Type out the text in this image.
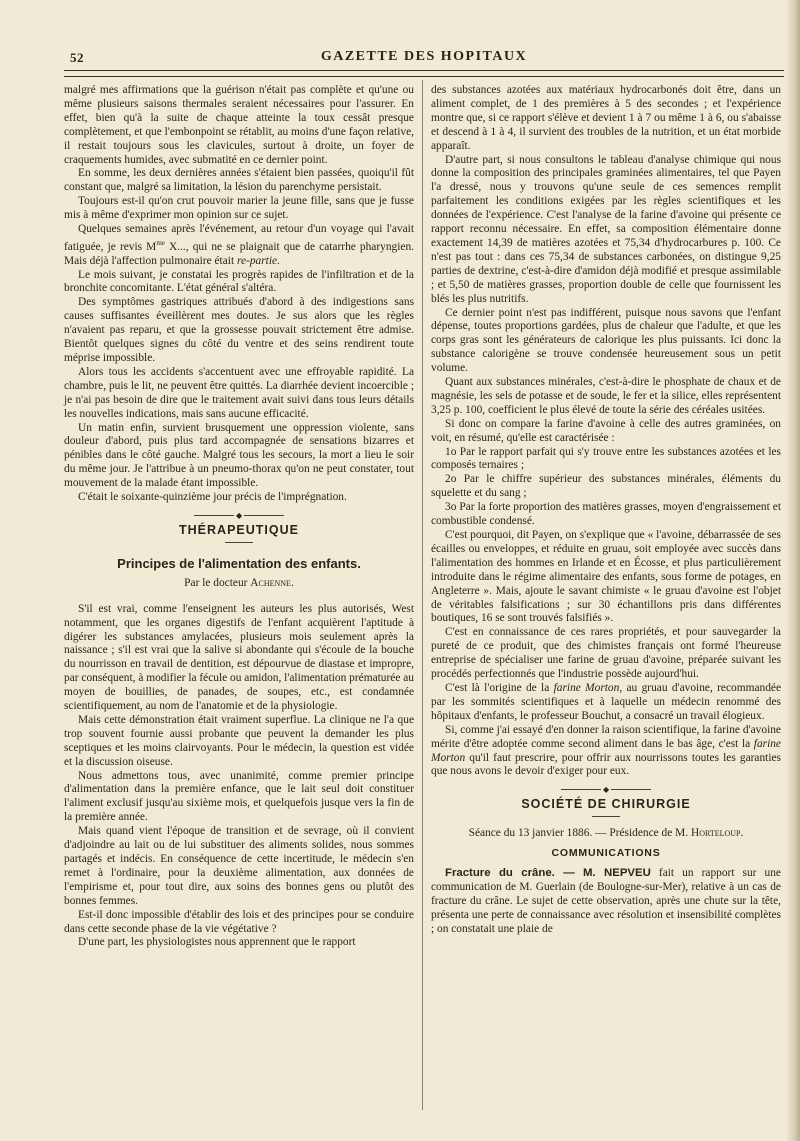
52	GAZETTE DES HOPITAUX

malgré mes affirmations que la guérison n'était pas complète et qu'une ou même plusieurs saisons thermales seraient nécessaires pour l'assurer. En effet, bien qu'à la suite de chaque atteinte la toux cessât presque complètement, et que l'embonpoint se rétablit, au moins d'une façon relative, il restait toujours sous les clavicules, surtout à droite, un foyer de craquements humides, avec submatité en ce dernier point.

En somme, les deux dernières années s'étaient bien passées, quoiqu'il fût constant que, malgré sa limitation, la lésion du parenchyme persistait.

Toujours est-il qu'on crut pouvoir marier la jeune fille, sans que je fusse mis à même d'exprimer mon opinion sur ce sujet.

Quelques semaines après l'événement, au retour d'un voyage qui l'avait fatiguée, je revis $M^{me}$ X..., qui ne se plaignait que de catarrhe pharyngien. Mais déjà l'affection pulmonaire était re-partie.

Le mois suivant, je constatai les progrès rapides de l'infiltration et de la bronchite concomitante. L'état général s'altéra.

Des symptômes gastriques attribués d'abord à des indigestions sans causes suffisantes éveillèrent mes doutes. Je sus alors que les règles n'avaient pas reparu, et que la grossesse pouvait strictement être admise. Bientôt quelques signes du côté du ventre et des seins rendirent toute méprise impossible.

Alors tous les accidents s'accentuent avec une effroyable rapidité. La chambre, puis le lit, ne peuvent être quittés. La diarrhée devient incoercible ; je n'ai pas besoin de dire que le traitement avait suivi dans tous leurs détails les nouvelles indications, mais sans aucune efficacité.

Un matin enfin, survient brusquement une oppression violente, sans douleur d'abord, puis plus tard accompagnée de sensations bizarres et pénibles dans le côté gauche. Malgré tous les secours, la mort a lieu le soir du même jour. Je l'attribue à un pneumo-thorax qu'on ne peut constater, tout mouvement de la malade étant impossible.

C'était le soixante-quinzième jour précis de l'imprégnation.

◆
THÉRAPEUTIQUE
Principes de l'alimentation des enfants.
Par le docteur Achenne.

S'il est vrai, comme l'enseignent les auteurs les plus autorisés, West notamment, que les organes digestifs de l'enfant acquièrent l'aptitude à digérer les substances amylacées, plusieurs mois seulement après la naissance ; s'il est vrai que la salive si abondante qui s'écoule de la bouche du nourrisson en travail de dentition, est dépourvue de diastase et impropre, par conséquent, à modifier la fécule ou amidon, l'alimentation prématurée au moyen de bouillies, de panades, de soupes, etc., est condamnée scientifiquement, au nom de l'anatomie et de la physiologie.

Mais cette démonstration était vraiment superflue. La clinique ne l'a que trop souvent fournie aussi probante que peuvent la demander les plus sceptiques et les moins clairvoyants. Pour le médecin, la question est vidée et la discussion oiseuse.

Nous admettons tous, avec unanimité, comme premier principe d'alimentation dans la première enfance, que le lait seul doit constituer l'aliment exclusif jusqu'au sixième mois, et quelquefois jusque vers la fin de la première année.

Mais quand vient l'époque de transition et de sevrage, où il convient d'adjoindre au lait ou de lui substituer des aliments solides, nous sommes partagés et indécis. En conséquence de cette incertitude, le médecin s'en remet à l'ordinaire, pour la deuxième alimentation, aux données de l'empirisme et, pour tout dire, aux soins des bonnes gens ou plutôt des bonnes femmes.

Est-il donc impossible d'établir des lois et des principes pour se conduire dans cette seconde phase de la vie végétative ?

D'une part, les physiologistes nous apprennent que le rapport

des substances azotées aux matériaux hydrocarbonés doit être, dans un aliment complet, de 1 des premières à 5 des secondes ; et l'expérience montre que, si ce rapport s'élève et devient 1 à 7 ou même 1 à 6, ou s'abaisse et descend à 1 à 4, il survient des troubles de la nutrition, et un état morbide apparaît.

D'autre part, si nous consultons le tableau d'analyse chimique qui nous donne la composition des principales graminées alimentaires, tel que Payen l'a dressé, nous y trouvons qu'une seule de ces semences remplit parfaitement les conditions exigées par les règles scientifiques et les données de l'expérience. C'est l'analyse de la farine d'avoine qui présente ce rapport reconnu nécessaire. En effet, sa composition élémentaire donne exactement 14,39 de matières azotées et 75,34 d'hydrocarbures p. 100. Ce n'est pas tout : dans ces 75,34 de substances carbonées, on distingue 9,25 parties de dextrine, c'est-à-dire d'amidon déjà modifié et presque assimilable ; et 5,50 de matières grasses, proportion double de celle que fournissent les blés les plus nutritifs.

Ce dernier point n'est pas indifférent, puisque nous savons que l'enfant dépense, toutes proportions gardées, plus de chaleur que l'adulte, et que les corps gras sont les générateurs de calorique les plus puissants. Ici donc la substance calorigène se trouve condensée heureusement sous un petit volume.

Quant aux substances minérales, c'est-à-dire le phosphate de chaux et de magnésie, les sels de potasse et de soude, le fer et la silice, elles représentent 3,25 p. 100, coefficient le plus élevé de toute la série des céréales usitées.

Si donc on compare la farine d'avoine à celle des autres graminées, on voit, en résumé, qu'elle est caractérisée :

1o Par le rapport parfait qui s'y trouve entre les substances azotées et les composés ternaires ;

2o Par le chiffre supérieur des substances minérales, éléments du squelette et du sang ;

3o Par la forte proportion des matières grasses, moyen d'engraissement et combustible condensé.

C'est pourquoi, dit Payen, on s'explique que « l'avoine, débarrassée de ses écailles ou enveloppes, et réduite en gruau, soit employée avec succès dans l'alimentation des hommes en Irlande et en Écosse, et plus particulièrement introduite dans le régime alimentaire des enfants, sous forme de potages, en Angleterre ». Mais, ajoute le savant chimiste « le gruau d'avoine est l'objet de véritables falsifications ; sur 30 échantillons pris dans différentes boutiques, 16 se sont trouvés falsifiés ».

C'est en connaissance de ces rares propriétés, et pour sauvegarder la pureté de ce produit, que des chimistes français ont formé l'heureuse entreprise de spécialiser une farine de gruau d'avoine, préparée suivant les procédés perfectionnés que l'industrie possède aujourd'hui.

C'est là l'origine de la farine Morton, au gruau d'avoine, recommandée par les sommités scientifiques et à laquelle un médecin renommé des hôpitaux d'enfants, le professeur Bouchut, a consacré un travail élogieux.

Si, comme j'ai essayé d'en donner la raison scientifique, la farine d'avoine mérite d'être adoptée comme second aliment dans le bas âge, c'est la farine Morton qu'il faut prescrire, pour offrir aux nourrissons toutes les garanties que nous avons le devoir d'exiger pour eux.

◆
SOCIÉTÉ DE CHIRURGIE
Séance du 13 janvier 1886. — Présidence de M. Horteloup.
COMMUNICATIONS

Fracture du crâne. — M. NEPVEU fait un rapport sur une communication de M. Guerlain (de Boulogne-sur-Mer), relative à un cas de fracture du crâne. Le sujet de cette observation, après une chute sur la tête, présenta une perte de connaissance avec résolution et insensibilité complètes ; on constatait une plaie de
